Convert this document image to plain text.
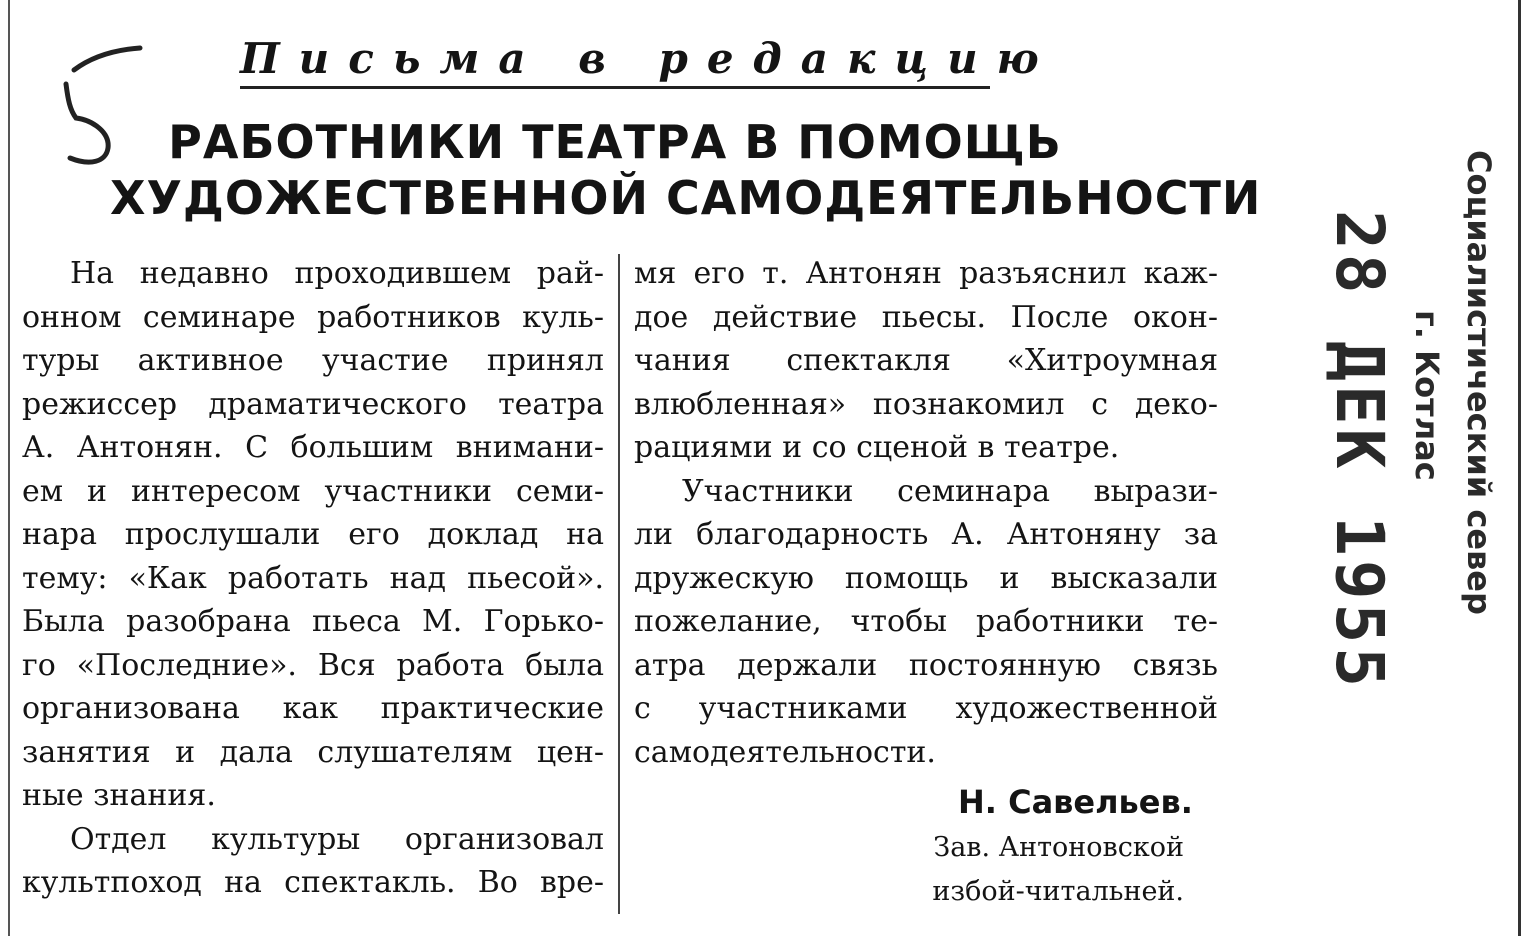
Письма в редакцию
РАБОТНИКИ ТЕАТРА В ПОМОЩЬ
ХУДОЖЕСТВЕННОЙ САМОДЕЯТЕЛЬНОСТИ

На недавно проходившем рай-
онном семинаре работников куль-
туры активное участие принял
режиссер драматического театра
А. Антонян. С большим внимани-
ем и интересом участники семи-
нара прослушали его доклад на
тему: «Как работать над пьесой».
Была разобрана пьеса М. Горько-
го «Последние». Вся работа была
организована как практические
занятия и дала слушателям цен-
ные знания.

Отдел культуры организовал
культпоход на спектакль. Во вре-

мя его т. Антонян разъяснил каж-
дое действие пьесы. После окон-
чания спектакля «Хитроумная
влюбленная» познакомил с деко-
рациями и со сценой в театре.

Участники семинара вырази-
ли благодарность А. Антоняну за
дружескую помощь и высказали
пожелание, чтобы работники те-
атра держали постоянную связь
с участниками художественной
самодеятельности.

Н. Савельев.
Зав. Антоновской
избой-читальней.
28 ДЕК 1955 Социалистический север
г. Котлас
